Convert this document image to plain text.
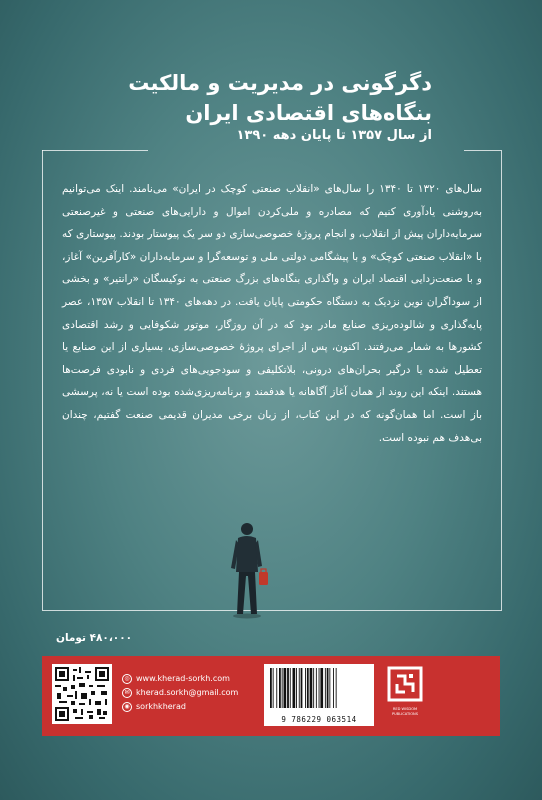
دگرگونی در مدیریت و مالکیت
بنگاه‌های اقتصادی ایران
از سال ۱۳۵۷ تا پایان دهه ۱۳۹۰

سال‌های ۱۳۲۰ تا ۱۳۴۰ را سال‌های «انقلاب صنعتی کوچک در ایران» می‌نامند. اینک می‌توانیم به‌روشنی یادآوری کنیم که مصادره و ملی‌کردن اموال و دارایی‌های صنعتی و غیرصنعتی سرمایه‌داران پیش از انقلاب، و انجام پروژهٔ خصوصی‌سازی دو سر یک پیوستار بودند. پیوستاری که با «انقلاب صنعتی کوچک» و با پیشگامی دولتی ملی و توسعه‌گرا و سرمایه‌داران «کارآفرین» آغاز، و با صنعت‌زدایی اقتصاد ایران و واگذاری بنگاه‌های بزرگ صنعتی به نوکیسگان «رانتیر» و بخشی از سوداگران نوین نزدیک به دستگاه حکومتی پایان یافت. در دهه‌های ۱۳۴۰ تا انقلاب ۱۳۵۷، عصر پایه‌گذاری و شالوده‌ریزی صنایع مادر بود که در آن روزگار، موتور شکوفایی و رشد اقتصادی کشورها به شمار می‌رفتند. اکنون، پس از اجرای پروژهٔ خصوصی‌سازی، بسیاری از این صنایع یا تعطیل شده یا درگیر بحران‌های درونی، بلاتکلیفی و سودجویی‌های فردی و نابودی فرصت‌ها هستند. اینکه این روند از همان آغاز آگاهانه یا هدفمند و برنامه‌ریزی‌شده بوده است یا نه، پرسشی باز است. اما همان‌گونه که در این کتاب، از زبان برخی مدیران قدیمی صنعت گفتیم، چندان بی‌هدف هم نبوده است.

۴۸۰،۰۰۰ تومان
◎ www.kherad-sorkh.com
✉ kherad.sorkh@gmail.com
◉ sorkhkherad
9 786229 063514
RED WISDOM PUBLICATIONS
